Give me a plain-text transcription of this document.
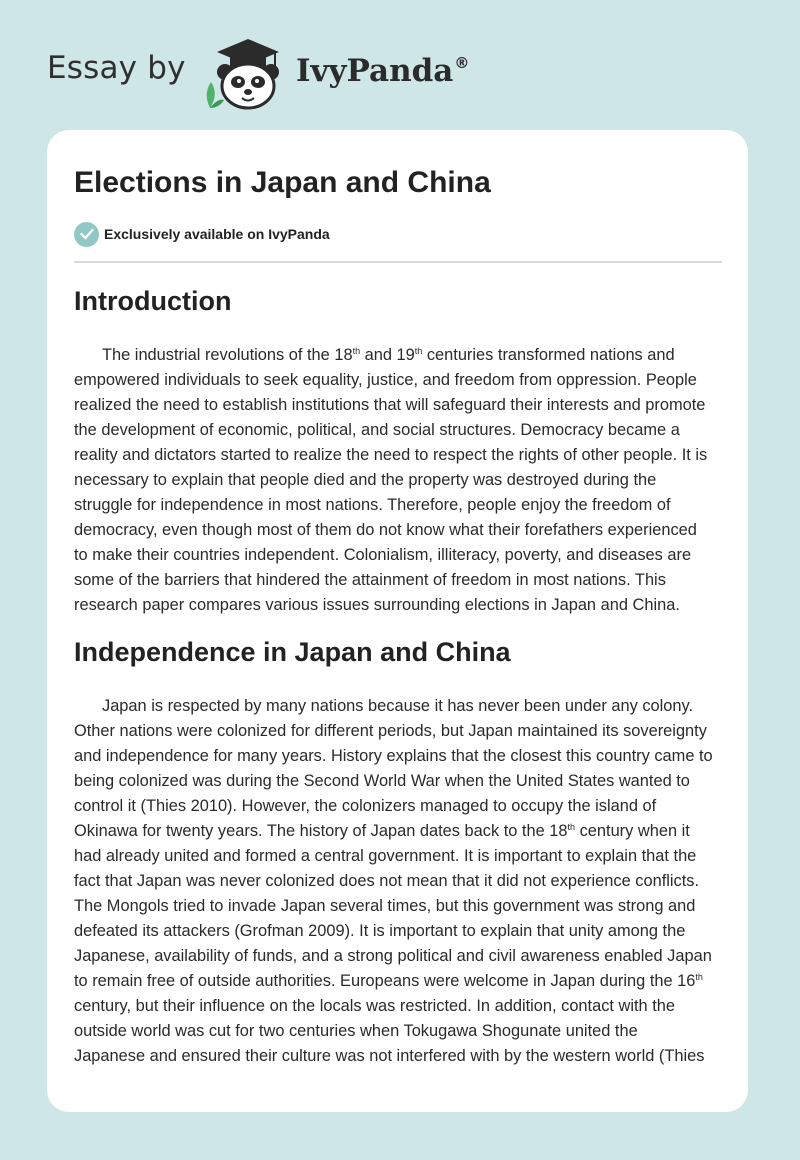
Essay by	IvyPanda®
Elections in Japan and China
Exclusively available on IvyPanda
Introduction
The industrial revolutions of the 18th and 19th centuries transformed nations and
empowered individuals to seek equality, justice, and freedom from oppression. People
realized the need to establish institutions that will safeguard their interests and promote
the development of economic, political, and social structures. Democracy became a
reality and dictators started to realize the need to respect the rights of other people. It is
necessary to explain that people died and the property was destroyed during the
struggle for independence in most nations. Therefore, people enjoy the freedom of
democracy, even though most of them do not know what their forefathers experienced
to make their countries independent. Colonialism, illiteracy, poverty, and diseases are
some of the barriers that hindered the attainment of freedom in most nations. This
research paper compares various issues surrounding elections in Japan and China.
Independence in Japan and China
Japan is respected by many nations because it has never been under any colony.
Other nations were colonized for different periods, but Japan maintained its sovereignty
and independence for many years. History explains that the closest this country came to
being colonized was during the Second World War when the United States wanted to
control it (Thies 2010). However, the colonizers managed to occupy the island of
Okinawa for twenty years. The history of Japan dates back to the 18th century when it
had already united and formed a central government. It is important to explain that the
fact that Japan was never colonized does not mean that it did not experience conflicts.
The Mongols tried to invade Japan several times, but this government was strong and
defeated its attackers (Grofman 2009). It is important to explain that unity among the
Japanese, availability of funds, and a strong political and civil awareness enabled Japan
to remain free of outside authorities. Europeans were welcome in Japan during the 16th
century, but their influence on the locals was restricted. In addition, contact with the
outside world was cut for two centuries when Tokugawa Shogunate united the
Japanese and ensured their culture was not interfered with by the western world (Thies
